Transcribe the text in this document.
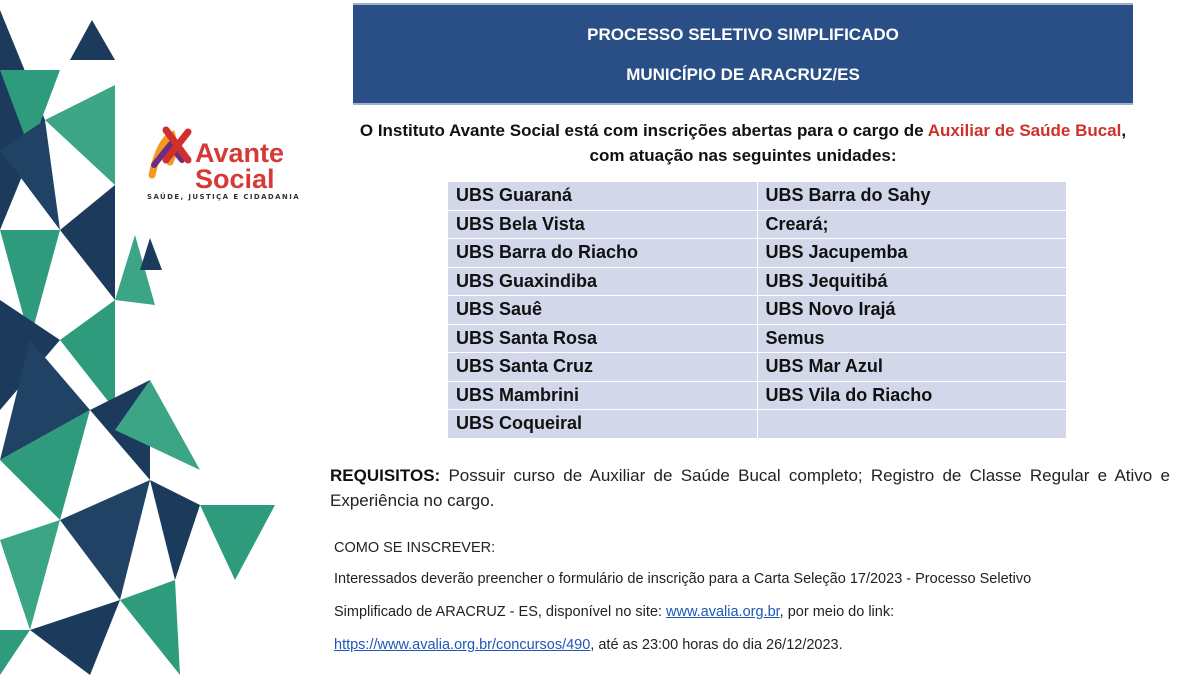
Avante
Social
SAÚDE, JUSTIÇA E CIDADANIA
PROCESSO SELETIVO SIMPLIFICADO
MUNICÍPIO DE ARACRUZ/ES
O Instituto Avante Social está com inscrições abertas para o cargo de Auxiliar de Saúde Bucal,
com atuação nas seguintes unidades:
UBS Guaraná	UBS Barra do Sahy
UBS Bela Vista	Creará;
UBS Barra do Riacho	UBS Jacupemba
UBS Guaxindiba	UBS Jequitibá
UBS Sauê	UBS Novo Irajá
UBS Santa Rosa	Semus
UBS Santa Cruz	UBS Mar Azul
UBS Mambrini	UBS Vila do Riacho
UBS Coqueiral	
REQUISITOS: Possuir curso de Auxiliar de Saúde Bucal completo; Registro de Classe Regular e Ativo e Experiência no cargo.
COMO SE INSCREVER:
Interessados deverão preencher o formulário de inscrição para a Carta Seleção 17/2023 - Processo Seletivo
Simplificado de ARACRUZ - ES, disponível no site: www.avalia.org.br, por meio do link:
https://www.avalia.org.br/concursos/490, até as 23:00 horas do dia 26/12/2023.
